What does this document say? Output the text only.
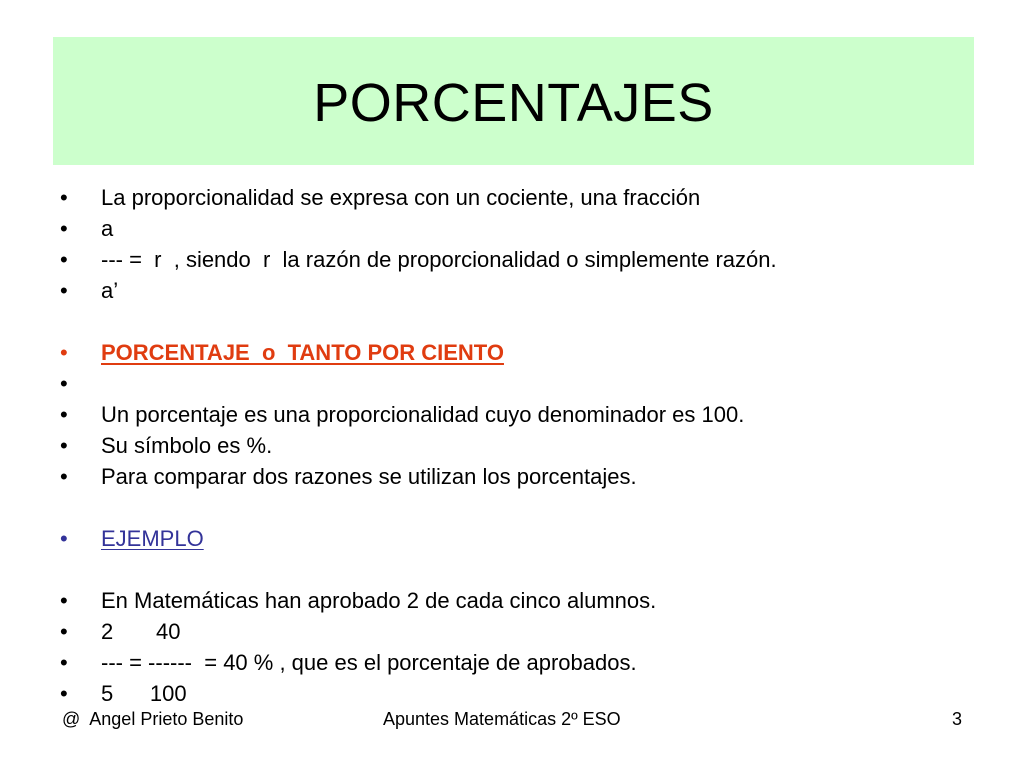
PORCENTAJES
• La proporcionalidad se expresa con un cociente, una fracción
• a
• --- =  r  , siendo  r  la razón de proporcionalidad o simplemente razón.
• a’
• PORCENTAJE  o  TANTO POR CIENTO
•
• Un porcentaje es una proporcionalidad cuyo denominador es 100.
• Su símbolo es %.
• Para comparar dos razones se utilizan los porcentajes.
• EJEMPLO
• En Matemáticas han aprobado 2 de cada cinco alumnos.
• 2       40
• --- = ------  = 40 % , que es el porcentaje de aprobados.
• 5      100
@  Angel Prieto Benito	Apuntes Matemáticas 2º ESO	3
